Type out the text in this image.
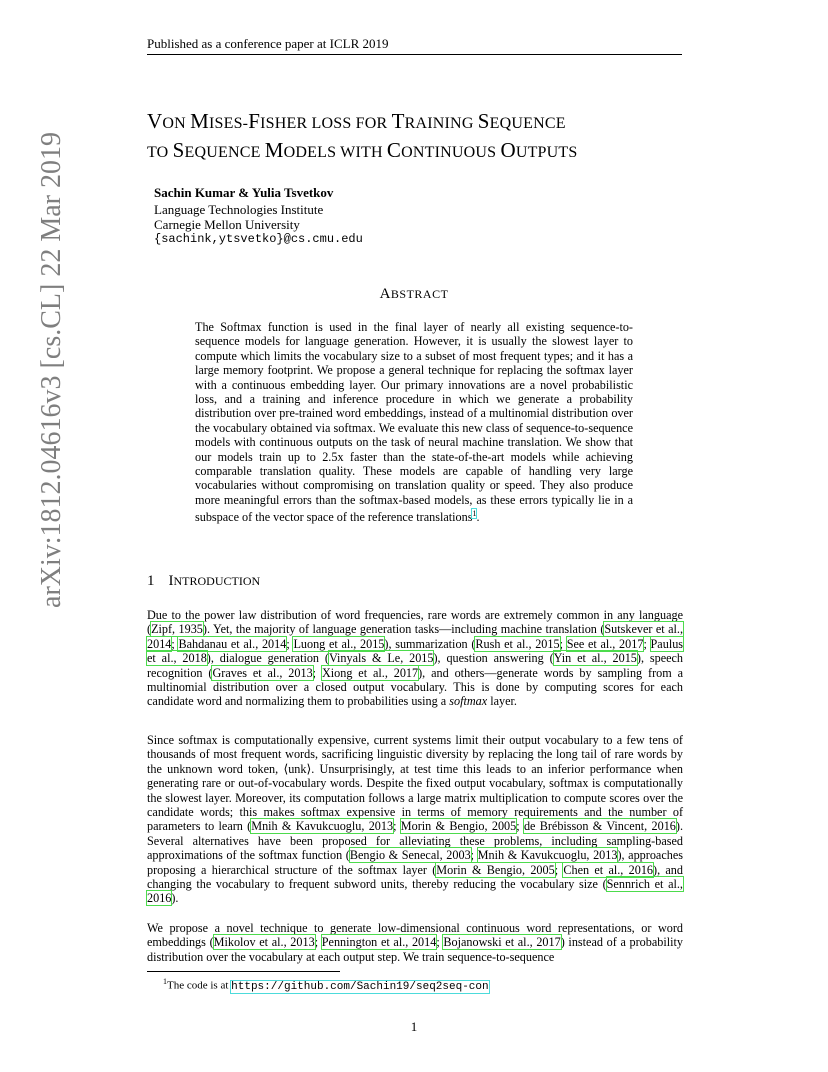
Published as a conference paper at ICLR 2019
arXiv:1812.04616v3 [cs.CL] 22 Mar 2019
VON MISES-FISHER LOSS FOR TRAINING SEQUENCE
TO SEQUENCE MODELS WITH CONTINUOUS OUTPUTS
Sachin Kumar & Yulia Tsvetkov
Language Technologies Institute
Carnegie Mellon University
{sachink,ytsvetko}@cs.cmu.edu
ABSTRACT
The Softmax function is used in the final layer of nearly all existing sequence-to-sequence models for language generation. However, it is usually the slowest layer to compute which limits the vocabulary size to a subset of most frequent types; and it has a large memory footprint. We propose a general technique for replacing the softmax layer with a continuous embedding layer. Our primary innovations are a novel probabilistic loss, and a training and inference procedure in which we generate a probability distribution over pre-trained word embeddings, instead of a multinomial distribution over the vocabulary obtained via softmax. We evaluate this new class of sequence-to-sequence models with continuous outputs on the task of neural machine translation. We show that our models train up to 2.5x faster than the state-of-the-art models while achieving comparable translation quality. These models are capable of handling very large vocabularies without compromising on translation quality or speed. They also produce more meaningful errors than the softmax-based models, as these errors typically lie in a subspace of the vector space of the reference translations$^1$.
1 INTRODUCTION
Due to the power law distribution of word frequencies, rare words are extremely common in any language (Zipf, 1935). Yet, the majority of language generation tasks—including machine translation (Sutskever et al., 2014; Bahdanau et al., 2014; Luong et al., 2015), summarization (Rush et al., 2015; See et al., 2017; Paulus et al., 2018), dialogue generation (Vinyals & Le, 2015), question answering (Yin et al., 2015), speech recognition (Graves et al., 2013; Xiong et al., 2017), and others—generate words by sampling from a multinomial distribution over a closed output vocabulary. This is done by computing scores for each candidate word and normalizing them to probabilities using a softmax layer.
Since softmax is computationally expensive, current systems limit their output vocabulary to a few tens of thousands of most frequent words, sacrificing linguistic diversity by replacing the long tail of rare words by the unknown word token, ⟨unk⟩. Unsurprisingly, at test time this leads to an inferior performance when generating rare or out-of-vocabulary words. Despite the fixed output vocabulary, softmax is computationally the slowest layer. Moreover, its computation follows a large matrix multiplication to compute scores over the candidate words; this makes softmax expensive in terms of memory requirements and the number of parameters to learn (Mnih & Kavukcuoglu, 2013; Morin & Bengio, 2005; de Brébisson & Vincent, 2016). Several alternatives have been proposed for alleviating these problems, including sampling-based approximations of the softmax function (Bengio & Senecal, 2003; Mnih & Kavukcuoglu, 2013), approaches proposing a hierarchical structure of the softmax layer (Morin & Bengio, 2005; Chen et al., 2016), and changing the vocabulary to frequent subword units, thereby reducing the vocabulary size (Sennrich et al., 2016).
We propose a novel technique to generate low-dimensional continuous word representations, or word embeddings (Mikolov et al., 2013; Pennington et al., 2014; Bojanowski et al., 2017) instead of a probability distribution over the vocabulary at each output step. We train sequence-to-sequence
$^1$The code is at https://github.com/Sachin19/seq2seq-con
1
